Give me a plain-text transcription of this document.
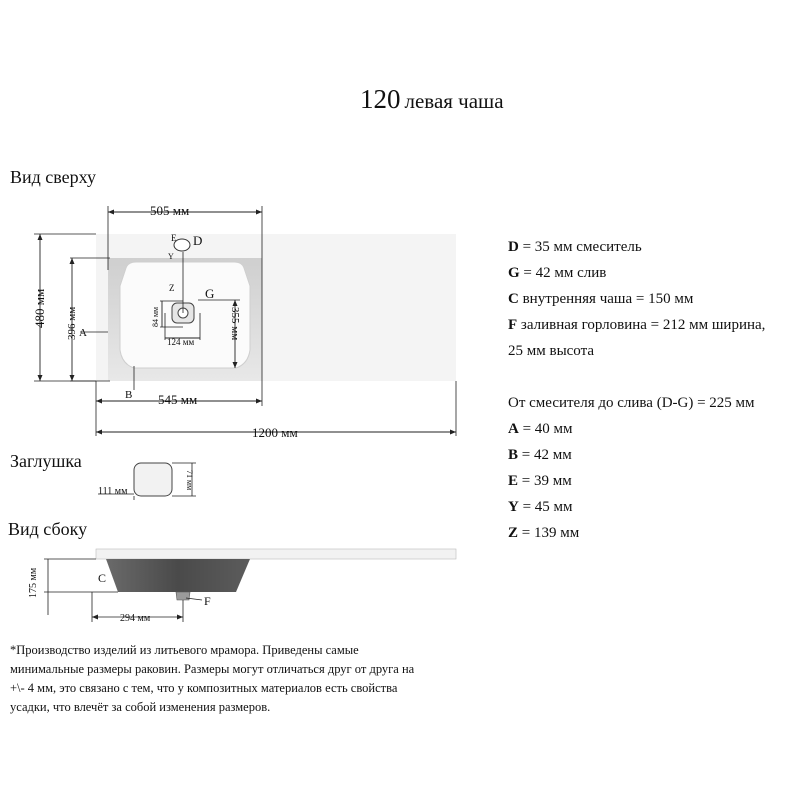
120 левая чаша
Вид сверху
Заглушка
Вид сбоку
505 мм
480 мм 396 мм	355 мм
84 мм
124 мм
545 мм
1200 мм
E D
Y
Z G
A
B
111 мм
71 мм
175 мм
294 мм
C
F
D = 35 мм смеситель
G = 42 мм слив
C внутренняя чаша = 150 мм
F заливная горловина = 212 мм ширина,
25 мм высота
От смесителя до слива (D-G) = 225 мм
A = 40 мм
B = 42 мм
E = 39 мм
Y = 45 мм
Z = 139 мм
*Производство изделий из литьевого мрамора. Приведены самые минимальные размеры раковин. Размеры могут отличаться друг от друга на +\- 4 мм, это связано с тем, что у композитных материалов есть свойства усадки, что влечёт за собой изменения размеров.
